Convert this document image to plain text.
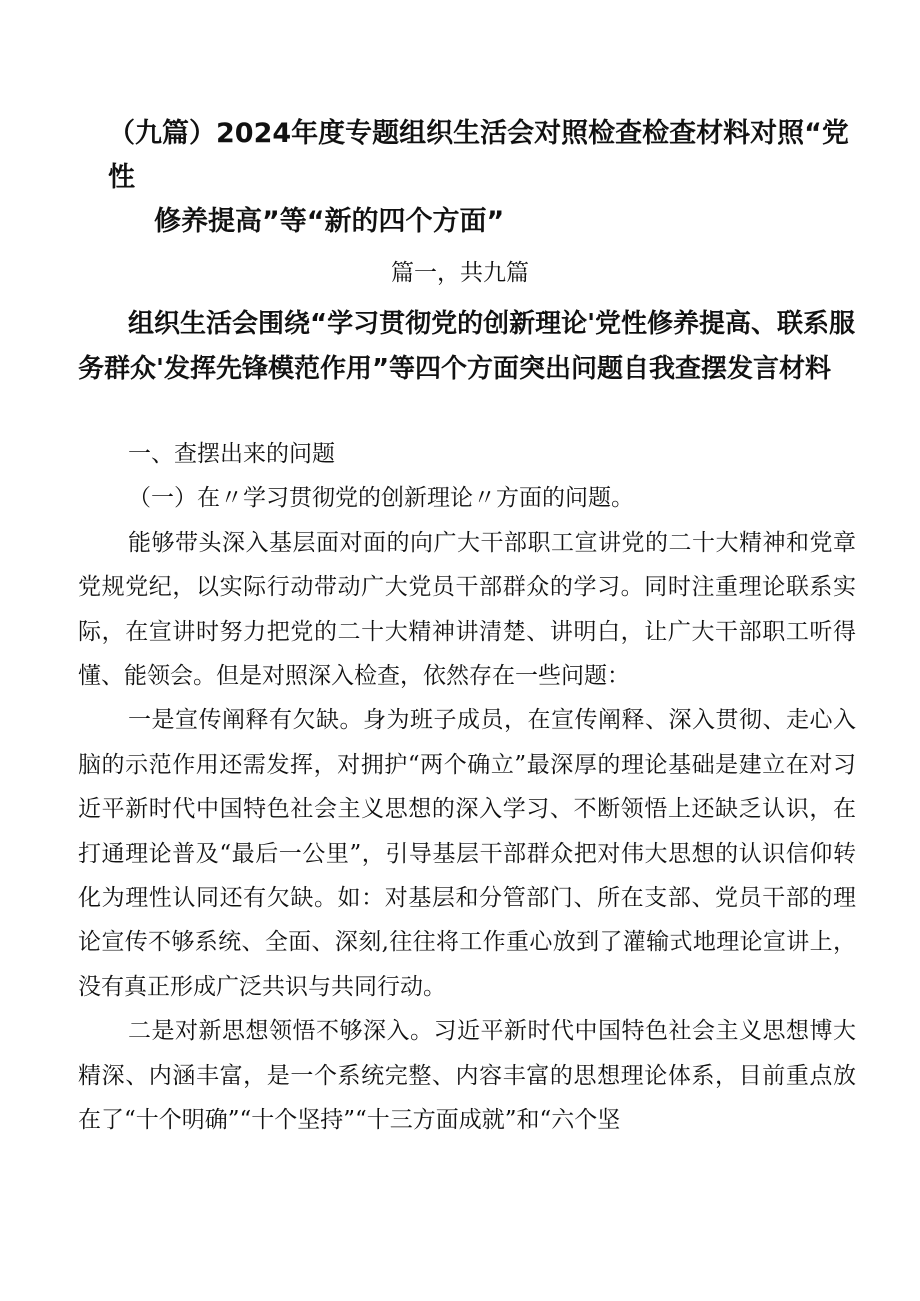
（九篇）2024年度专题组织生活会对照检查检查材料对照“党性
修养提高”等“新的四个方面”
篇一，共九篇
组织生活会围绕“学习贯彻党的创新理论'党性修养提高、联系服务群众'发挥先锋模范作用”等四个方面突出问题自我查摆发言材料

一、查摆出来的问题

（一）在〃学习贯彻党的创新理论〃方面的问题。

能够带头深入基层面对面的向广大干部职工宣讲党的二十大精神和党章党规党纪，以实际行动带动广大党员干部群众的学习。同时注重理论联系实际，在宣讲时努力把党的二十大精神讲清楚、讲明白，让广大干部职工听得懂、能领会。但是对照深入检查，依然存在一些问题：

一是宣传阐释有欠缺。身为班子成员，在宣传阐释、深入贯彻、走心入脑的示范作用还需发挥，对拥护“两个确立”最深厚的理论基础是建立在对习近平新时代中国特色社会主义思想的深入学习、不断领悟上还缺乏认识，在打通理论普及“最后一公里”，引导基层干部群众把对伟大思想的认识信仰转化为理性认同还有欠缺。如：对基层和分管部门、所在支部、党员干部的理论宣传不够系统、全面、深刻,往往将工作重心放到了灌输式地理论宣讲上，没有真正形成广泛共识与共同行动。

二是对新思想领悟不够深入。习近平新时代中国特色社会主义思想博大精深、内涵丰富，是一个系统完整、内容丰富的思想理论体系，目前重点放在了“十个明确”“十个坚持”“十三方面成就”和“六个坚
